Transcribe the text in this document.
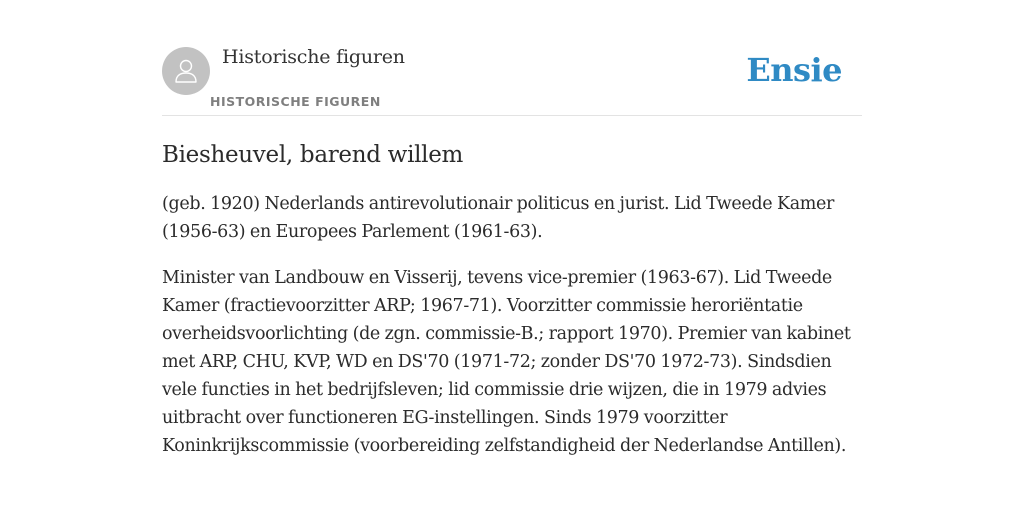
Historische figuren
HISTORISCHE FIGUREN
Ensie
Biesheuvel, barend willem

(geb. 1920) Nederlands antirevolutionair politicus en jurist. Lid Tweede Kamer (1956-63) en Europees Parlement (1961-63).

Minister van Landbouw en Visserij, tevens vice-premier (1963-67). Lid Tweede Kamer (fractievoorzitter ARP; 1967-71). Voorzitter commissie heroriëntatie overheidsvoorlichting (de zgn. commissie-B.; rapport 1970). Premier van kabinet met ARP, CHU, KVP, WD en DS'70 (1971-72; zonder DS'70 1972-73). Sindsdien vele functies in het bedrijfsleven; lid commissie drie wijzen, die in 1979 advies uitbracht over functioneren EG-instellingen. Sinds 1979 voorzitter Koninkrijkscommissie (voorbereiding zelfstandigheid der Nederlandse Antillen).
